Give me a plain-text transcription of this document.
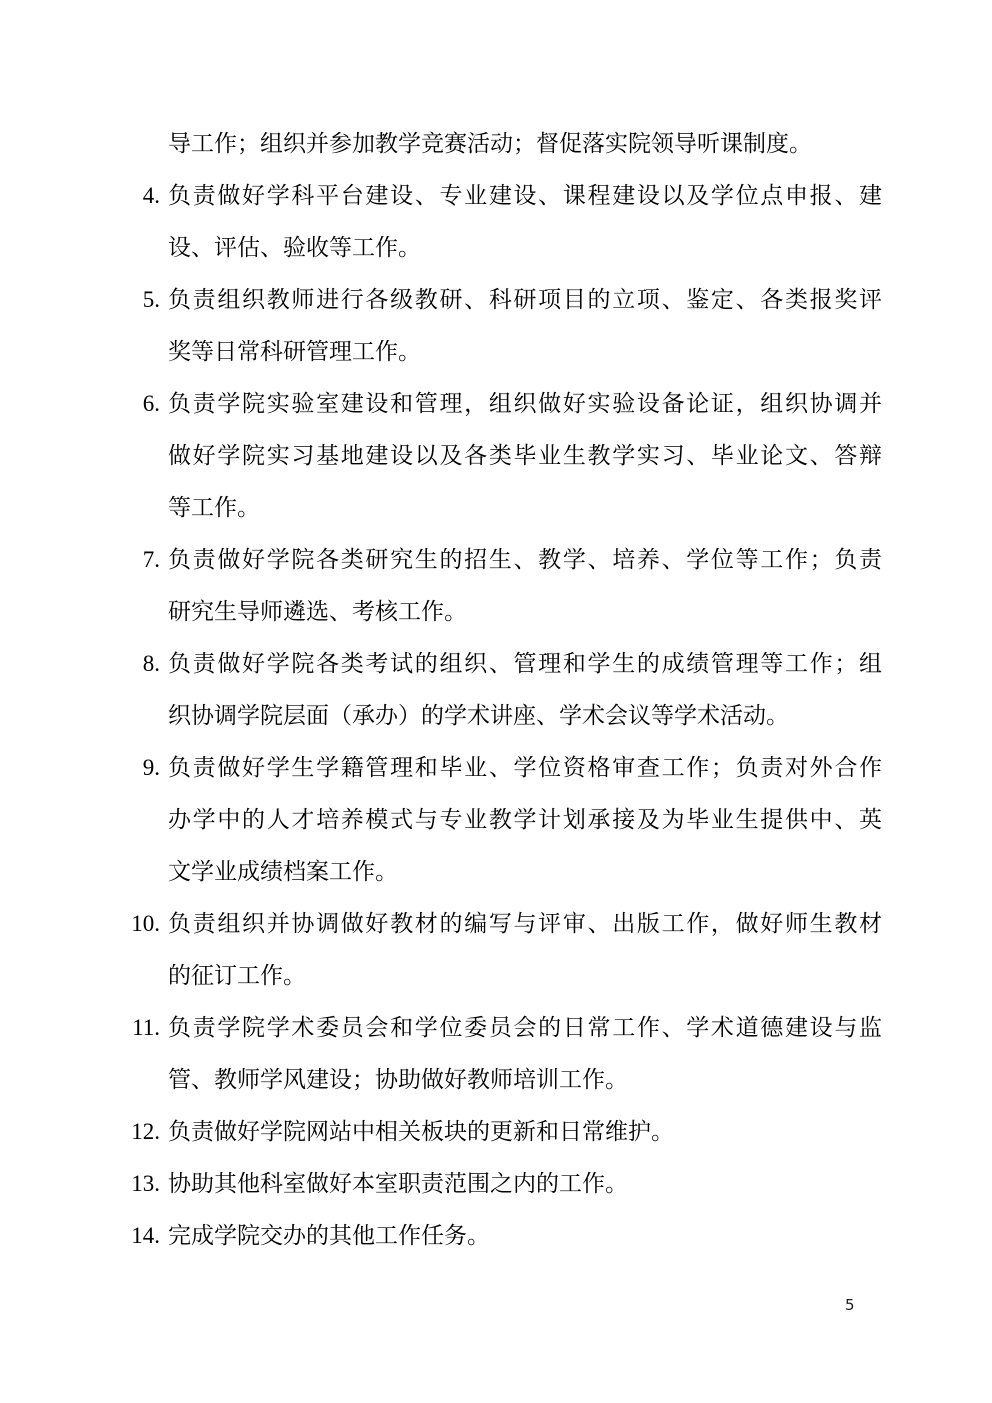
导工作；组织并参加教学竞赛活动；督促落实院领导听课制度。
4. 负责做好学科平台建设、专业建设、课程建设以及学位点申报、建
设、评估、验收等工作。
5. 负责组织教师进行各级教研、科研项目的立项、鉴定、各类报奖评
奖等日常科研管理工作。
6. 负责学院实验室建设和管理，组织做好实验设备论证，组织协调并
做好学院实习基地建设以及各类毕业生教学实习、毕业论文、答辩
等工作。
7. 负责做好学院各类研究生的招生、教学、培养、学位等工作；负责
研究生导师遴选、考核工作。
8. 负责做好学院各类考试的组织、管理和学生的成绩管理等工作；组
织协调学院层面（承办）的学术讲座、学术会议等学术活动。
9. 负责做好学生学籍管理和毕业、学位资格审查工作；负责对外合作
办学中的人才培养模式与专业教学计划承接及为毕业生提供中、英
文学业成绩档案工作。
10. 负责组织并协调做好教材的编写与评审、出版工作，做好师生教材
的征订工作。
11. 负责学院学术委员会和学位委员会的日常工作、学术道德建设与监
管、教师学风建设；协助做好教师培训工作。
12. 负责做好学院网站中相关板块的更新和日常维护。
13. 协助其他科室做好本室职责范围之内的工作。
14. 完成学院交办的其他工作任务。
5
